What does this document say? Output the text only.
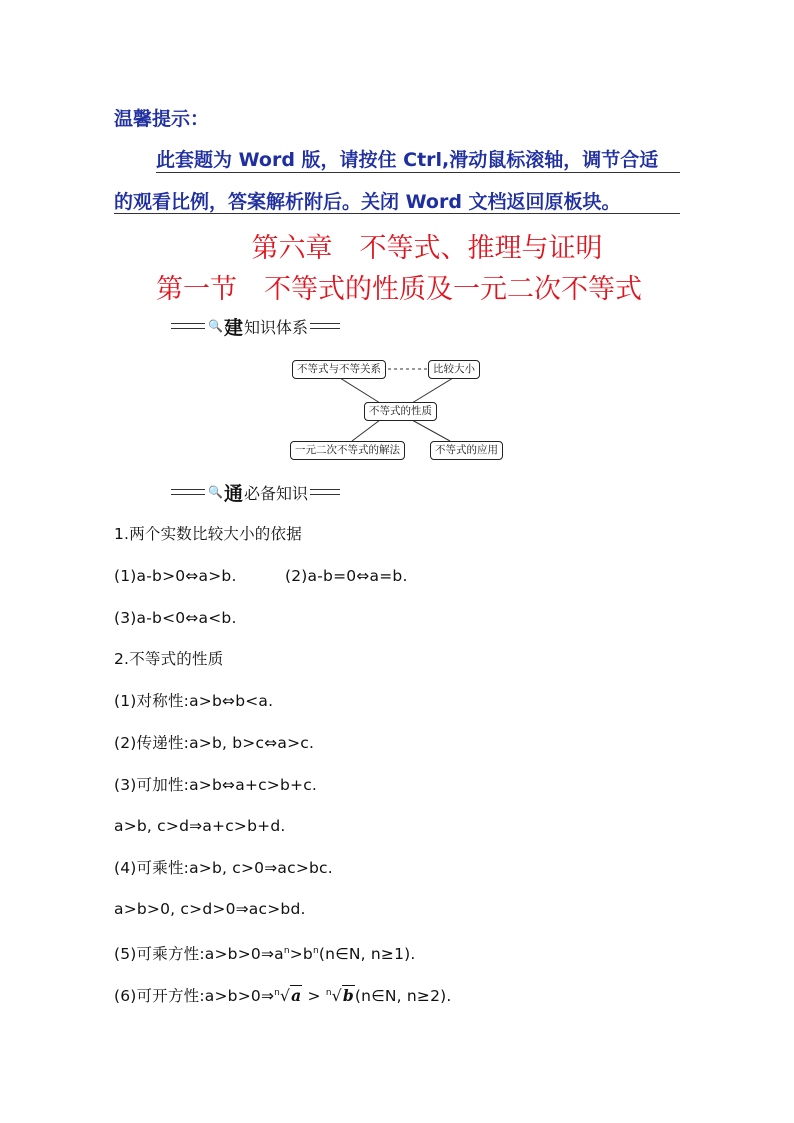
温馨提示：
此套题为 Word 版，请按住 Ctrl,滑动鼠标滚轴，调节合适
的观看比例，答案解析附后。关闭 Word 文档返回原板块。
第六章　不等式、推理与证明
第一节　不等式的性质及一元二次不等式
🔍 建 知识体系
不等式与不等关系	比较大小
不等式的性质
一元二次不等式的解法	不等式的应用
🔍 通 必备知识
1.两个实数比较大小的依据
(1)a-b>0⇔a>b.	(2)a-b=0⇔a=b.
(3)a-b<0⇔a<b.
2.不等式的性质
(1)对称性:a>b⇔b<a.
(2)传递性:a>b, b>c⇔a>c.
(3)可加性:a>b⇔a+c>b+c.
a>b, c>d⇒a+c>b+d.
(4)可乘性:a>b, c>0⇒ac>bc.
a>b>0, c>d>0⇒ac>bd.
(5)可乘方性$:a>b>0\Rightarrow a^n>b^n(n\in N$, n≥1).
(6)可开方性:a>b>0⇒$^n$√a > $^n$√b(n∈N, n≥2).
